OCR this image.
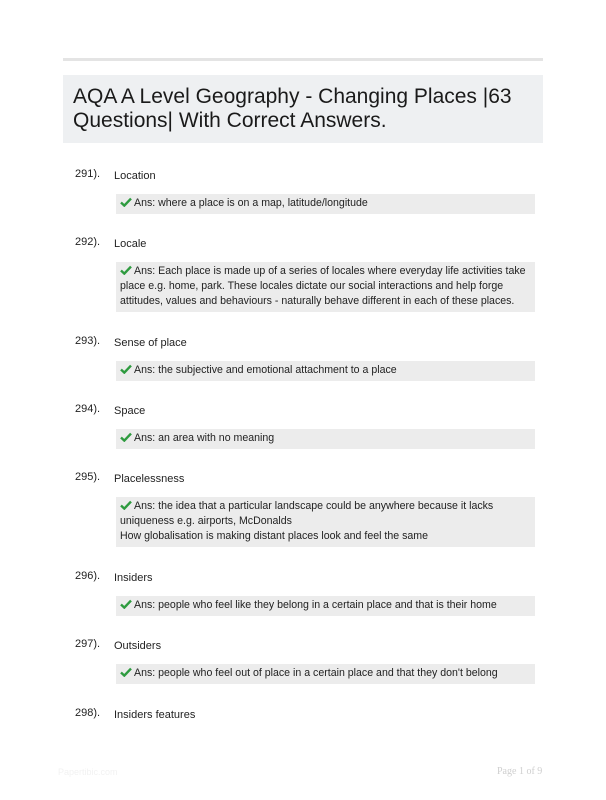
AQA A Level Geography - Changing Places |63 Questions| With Correct Answers.
291). Location
Ans: where a place is on a map, latitude/longitude
292). Locale
Ans: Each place is made up of a series of locales where everyday life activities take
place e.g. home, park. These locales dictate our social interactions and help forge
attitudes, values and behaviours - naturally behave different in each of these places.
293). Sense of place
Ans: the subjective and emotional attachment to a place
294). Space
Ans: an area with no meaning
295). Placelessness
Ans: the idea that a particular landscape could be anywhere because it lacks
uniqueness e.g. airports, McDonalds
How globalisation is making distant places look and feel the same
296). Insiders
Ans: people who feel like they belong in a certain place and that is their home
297). Outsiders
Ans: people who feel out of place in a certain place and that they don't belong
298). Insiders features
Papertibic.com	Page 1 of 9
